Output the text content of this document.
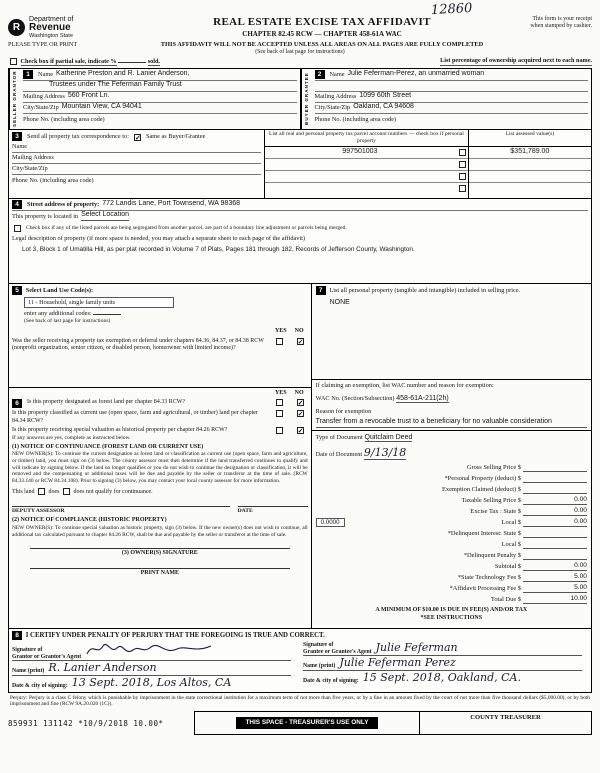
12860
R
Department of
Revenue
Washington State
REAL ESTATE EXCISE TAX AFFIDAVIT
CHAPTER 82.45 RCW — CHAPTER 458-61A WAC
This form is your receipt
when stamped by cashier.
PLEASE TYPE OR PRINT	THIS AFFIDAVIT WILL NOT BE ACCEPTED UNLESS ALL AREAS ON ALL PAGES ARE FULLY COMPLETED
(See back of last page for instructions)
Check box if partial sale, indicate %	sold.	List percentage of ownership acquired next to each name.
SELLER GRANTOR	1	Name Katherine Preston and R. Lanier Anderson,
Trustees under The Feferman Family Trust
Mailing Address 560 Front Ln.
City/State/Zip Mountain View, CA 94041
Phone No. (including area code)	BUYER GRANTEE	2	Name Julie Feferman-Perez, an unmarried woman

Mailing Address 1099 60th Street
City/State/Zip Oakland, CA 94608
Phone No. (including area code)
3	Send all property tax correspondence to: ✓	Same as Buyer/Grantee
Name
Mailing Address
City/State/Zip
Phone No. (including area code)
List all real and personal property tax parcel account numbers — check box if personal property
997501003
List assessed value(s)
$351,789.00
4	Street address of property: 772 Landis Lane, Port Townsend, WA 98368
This property is located in Select Location
Check box if any of the listed parcels are being segregated from another parcel, are part of a boundary line adjustment or parcels being merged.
Legal description of property (if more space is needed, you may attach a separate sheet to each page of the affidavit)
Lot 3, Block 1 of Umatilla Hill, as per plat recorded in Volume 7 of Plats, Pages 181 through 182, Records of Jefferson County, Washington.
5 Select Land Use Code(s):
11 - Household, single family units
enter any additional codes:
(See back of last page for instructions)
YES NO
Was the seller receiving a property tax exemption or deferral under chapters 84.36, 84.37, or 84.38 RCW (nonprofit organization, senior citizen, or disabled person, homeowner with limited income)?
✓
YES NO
6	Is this property designated as forest land per chapter 84.33 RCW?
✓
Is this property classified as current use (open space, farm and agricultural, or timber) land per chapter 84.34 RCW?
✓
Is this property receiving special valuation as historical property per chapter 84.26 RCW?
✓
If any answers are yes, complete as instructed below.
(1) NOTICE OF CONTINUANCE (FOREST LAND OR CURRENT USE)
NEW OWNER(S): To continue the current designation as forest land or classification as current use (open space, farm and agriculture, or timber) land, you must sign on (3) below. The county assessor must then determine if the land transferred continues to qualify and will indicate by signing below. If the land no longer qualifies or you do not wish to continue the designation or classification, it will be removed and the compensating or additional taxes will be due and payable by the seller or transferor at the time of sale. (RCW 84.33.140 or RCW 84.34.108). Prior to signing (3) below, you may contact your local county assessor for more information.
This land does does not qualify for continuance.
DEPUTY ASSESSOR	DATE
(2) NOTICE OF COMPLIANCE (HISTORIC PROPERTY)
NEW OWNER(S): To continue special valuation as historic property, sign (3) below. If the new owner(s) does not wish to continue, all additional tax calculated pursuant to chapter 84.26 RCW, shall be due and payable by the seller or transferor at the time of sale.
(3) OWNER(S) SIGNATURE
PRINT NAME
7 List all personal property (tangible and intangible) included in selling price.
NONE
If claiming an exemption, list WAC number and reason for exemption:
WAC No. (Section/Subsection) 458-61A-211(2h)
Reason for exemption
Transfer from a revocable trust to a beneficiary for no valuable consideration
Type of Document Quitclaim Deed
Date of Document 9/13/18
Gross Selling Price $
*Personal Property (deduct) $
Exemption Claimed (deduct) $
Taxable Selling Price $	0.00
Excise Tax : State $	0.00
0.0000	Local $	0.00
*Delinquent Interest: State $
Local $
*Delinquent Penalty $
Subtotal $	0.00
*State Technology Fee $	5.00
*Affidavit Processing Fee $	5.00
Total Due $	10.00
A MINIMUM OF $10.00 IS DUE IN FEE(S) AND/OR TAX
*SEE INSTRUCTIONS
8 I CERTIFY UNDER PENALTY OF PERJURY THAT THE FOREGOING IS TRUE AND CORRECT.
Signature of
Grantor or Grantor's Agent
Name (print) R. Lanier Anderson
Date & city of signing: 13 Sept. 2018, Los Altos, CA
Signature of
Grantee or Grantee's Agent Julie Feferman
Name (print) Julie Feferman Perez
Date & city of signing: 15 Sept. 2018, Oakland, CA.
Perjury: Perjury is a class C felony which is punishable by imprisonment in the state correctional institution for a maximum term of not more than five years, or by a fine in an amount fixed by the court of not more than five thousand dollars ($5,000.00), or by both imprisonment and fine (RCW 9A.20.020 (1C)).
859931 131142 *10/9/2018 10.00*	THIS SPACE - TREASURER'S USE ONLY
COUNTY TREASURER
